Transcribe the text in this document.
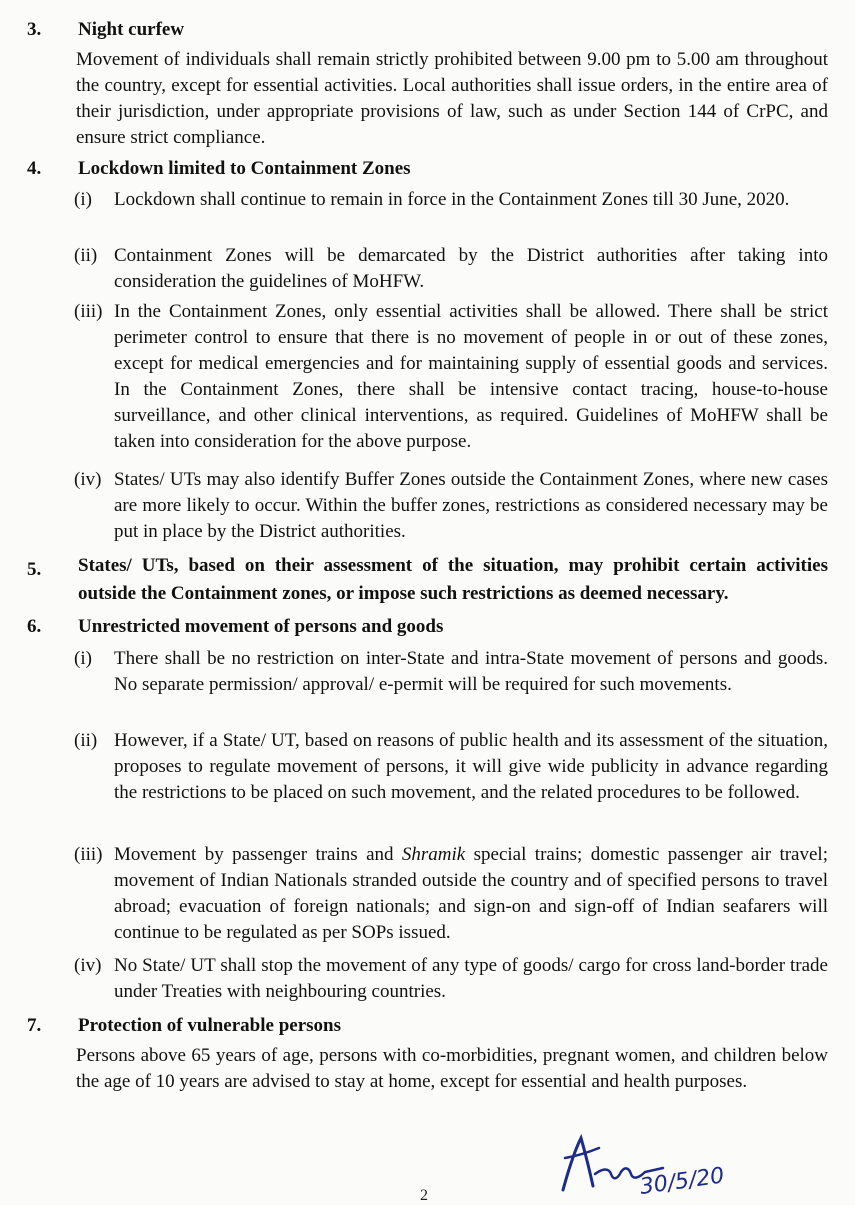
3. Night curfew
Movement of individuals shall remain strictly prohibited between 9.00 pm to 5.00 am throughout the country, except for essential activities. Local authorities shall issue orders, in the entire area of their jurisdiction, under appropriate provisions of law, such as under Section 144 of CrPC, and ensure strict compliance.
4. Lockdown limited to Containment Zones
(i) Lockdown shall continue to remain in force in the Containment Zones till 30 June, 2020.
(ii) Containment Zones will be demarcated by the District authorities after taking into consideration the guidelines of MoHFW.
(iii) In the Containment Zones, only essential activities shall be allowed. There shall be strict perimeter control to ensure that there is no movement of people in or out of these zones, except for medical emergencies and for maintaining supply of essential goods and services. In the Containment Zones, there shall be intensive contact tracing, house-to-house surveillance, and other clinical interventions, as required. Guidelines of MoHFW shall be taken into consideration for the above purpose.
(iv) States/ UTs may also identify Buffer Zones outside the Containment Zones, where new cases are more likely to occur. Within the buffer zones, restrictions as considered necessary may be put in place by the District authorities.
5. States/ UTs, based on their assessment of the situation, may prohibit certain activities outside the Containment zones, or impose such restrictions as deemed necessary.
6. Unrestricted movement of persons and goods
(i) There shall be no restriction on inter-State and intra-State movement of persons and goods. No separate permission/ approval/ e-permit will be required for such movements.
(ii) However, if a State/ UT, based on reasons of public health and its assessment of the situation, proposes to regulate movement of persons, it will give wide publicity in advance regarding the restrictions to be placed on such movement, and the related procedures to be followed.
(iii) Movement by passenger trains and Shramik special trains; domestic passenger air travel; movement of Indian Nationals stranded outside the country and of specified persons to travel abroad; evacuation of foreign nationals; and sign-on and sign-off of Indian seafarers will continue to be regulated as per SOPs issued.
(iv) No State/ UT shall stop the movement of any type of goods/ cargo for cross land-border trade under Treaties with neighbouring countries.
7. Protection of vulnerable persons
Persons above 65 years of age, persons with co-morbidities, pregnant women, and children below the age of 10 years are advised to stay at home, except for essential and health purposes.
30/5/20
2
